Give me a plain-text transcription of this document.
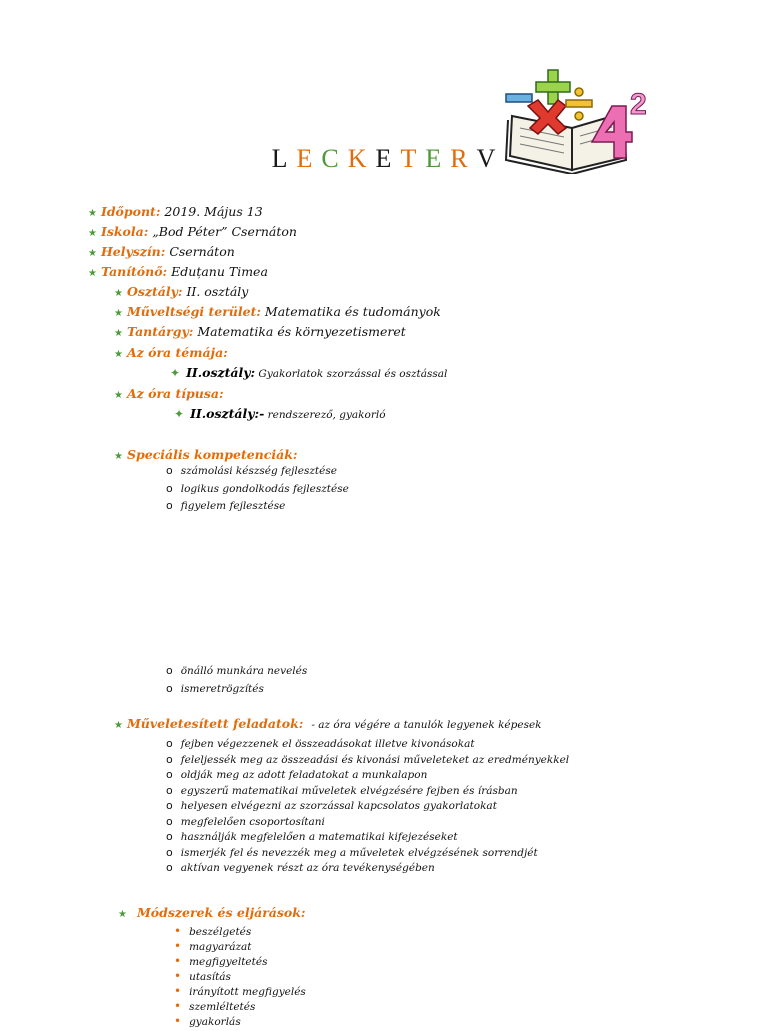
2
LECKETERV
★ Időpont: 2019. Május 13
★ Iskola: „Bod Péter” Csernáton
★ Helyszín: Csernáton
★ Tanítónő: Eduțanu Timea
★ Osztály: II. osztály
★ Műveltségi terület: Matematika és tudományok
★ Tantárgy: Matematika és környezetismeret
★ Az óra témája:
✦ II.osztály: Gyakorlatok szorzással és osztással
★ Az óra típusa:
✦ II.osztály:- rendszerező, gyakorló
★ Speciális kompetenciák:
o számolási készség fejlesztése
o logikus gondolkodás fejlesztése
o figyelem fejlesztése
o önálló munkára nevelés
o ismeretrögzítés
★ Műveletesített feladatok: - az óra végére a tanulók legyenek képesek
o fejben végezzenek el összeadásokat illetve kivonásokat
o feleljessék meg az összeadási és kivonási műveleteket az eredményekkel
o oldják meg az adott feladatokat a munkalapon
o egyszerű matematikai műveletek elvégzésére fejben és írásban
o helyesen elvégezni az szorzással kapcsolatos gyakorlatokat
o megfelelően csoportosítani
o használják megfelelően a matematikai kifejezéseket
o ismerjék fel és nevezzék meg a műveletek elvégzésének sorrendjét
o aktívan vegyenek részt az óra tevékenységében
★ Módszerek és eljárások:
• beszélgetés
• magyarázat
• megfigyeltetés
• utasítás
• irányított megfigyelés
• szemléltetés
• gyakorlás
